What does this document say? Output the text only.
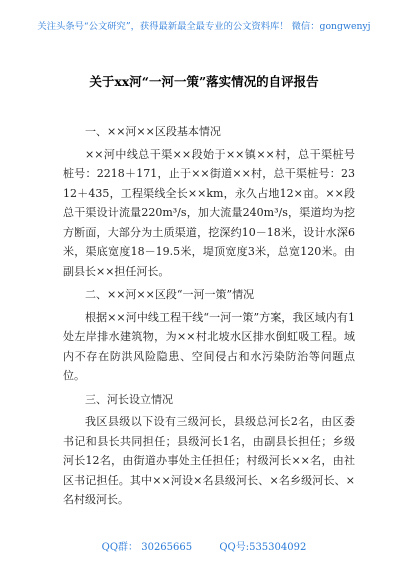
关注头条号“公文研究”，获得最新最全最专业的公文资料库！ 微信：gongwenyj
关于xx河“一河一策”落实情况的自评报告

一、××河××区段基本情况

××河中线总干渠××段始于××镇××村，总干渠桩号桩号：2218＋171，止于××街道××村，总干渠桩号：2312＋435，工程渠线全长××km，永久占地12×亩。××段总干渠设计流量220m³/s，加大流量240m³/s，渠道均为挖方断面，大部分为土质渠道，挖深约10－18米，设计水深6米，渠底宽度18－19.5米，堤顶宽度3米，总宽120米。由副县长××担任河长。

二、××河××区段“一河一策”情况

根据××河中线工程干线“一河一策”方案，我区域内有1处左岸排水建筑物，为××村北坡水区排水倒虹吸工程。域内不存在防洪风险隐患、空间侵占和水污染防治等问题点位。

三、河长设立情况

我区县级以下设有三级河长，县级总河长2名，由区委书记和县长共同担任；县级河长1名，由副县长担任；乡级河长12名，由街道办事处主任担任；村级河长××名，由社区书记担任。其中××河设×名县级河长、×名乡级河长、×名村级河长。

QQ群： 30265665	QQ号:535304092
